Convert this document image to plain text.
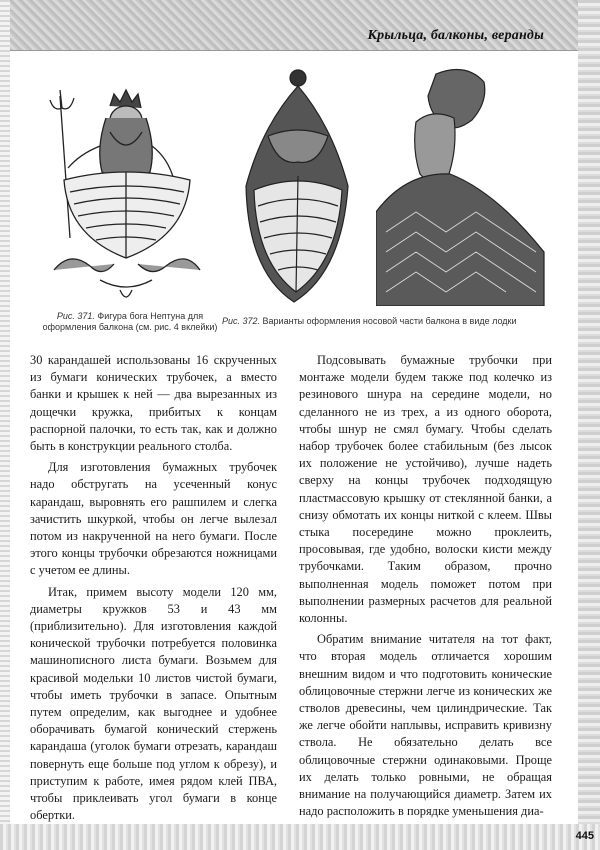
Крыльца, балконы, веранды
Рис. 371. Фигура бога Нептуна для оформления балкона (см. рис. 4 вклейки)
Рис. 372. Варианты оформления носовой части балкона в виде лодки

30 карандашей использованы 16 скрученных из бумаги конических трубочек, а вместо банки и крышек к ней — два вырезанных из дощечки кружка, прибитых к концам распорной палочки, то есть так, как и должно быть в конструкции реального столба.

Для изготовления бумажных трубочек надо обстругать на усеченный конус карандаш, выровнять его рашпилем и слегка зачистить шкуркой, чтобы он легче вылезал потом из накрученной на него бумаги. После этого концы трубочки обрезаются ножницами с учетом ее длины.

Итак, примем высоту модели 120 мм, диаметры кружков 53 и 43 мм (приблизительно). Для изготовления каждой конической трубочки потребуется половинка машинописного листа бумаги. Возьмем для красивой модельки 10 листов чистой бумаги, чтобы иметь трубочки в запасе. Опытным путем определим, как выгоднее и удобнее оборачивать бумагой конический стержень карандаша (уголок бумаги отрезать, карандаш повернуть еще больше под углом к обрезу), и приступим к работе, имея рядом клей ПВА, чтобы приклеивать угол бумаги в конце обертки.

Подсовывать бумажные трубочки при монтаже модели будем также под колечко из резинового шнура на середине модели, но сделанного не из трех, а из одного оборота, чтобы шнур не смял бумагу. Чтобы сделать набор трубочек более стабильным (без лысок их положение не устойчиво), лучше надеть сверху на концы трубочек подходящую пластмассовую крышку от стеклянной банки, а снизу обмотать их концы ниткой с клеем. Швы стыка посередине можно проклеить, просовывая, где удобно, волоски кисти между трубочками. Таким образом, прочно выполненная модель поможет потом при выполнении размерных расчетов для реальной колонны.

Обратим внимание читателя на тот факт, что вторая модель отличается хорошим внешним видом и что подготовить конические облицовочные стержни легче из конических же стволов древесины, чем цилиндрические. Так же легче обойти наплывы, исправить кривизну ствола. Не обязательно делать все облицовочные стержни одинаковыми. Проще их делать только ровными, не обращая внимание на получающийся диаметр. Затем их надо расположить в порядке уменьшения диа-

445
